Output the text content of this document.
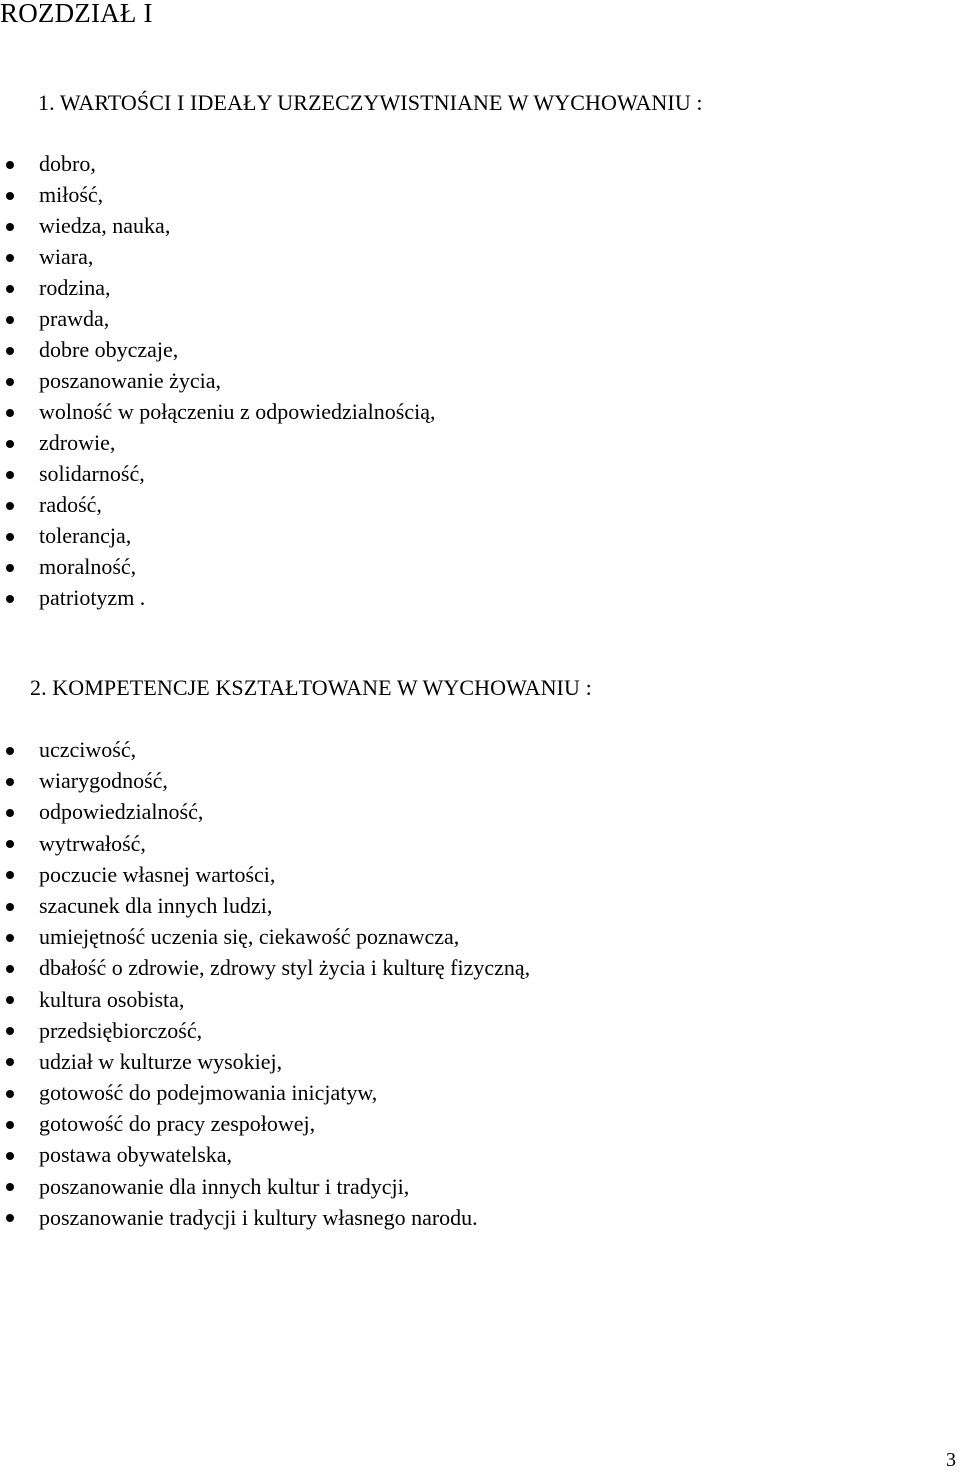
ROZDZIAŁ I
1. WARTOŚCI I IDEAŁY URZECZYWISTNIANE W WYCHOWANIU :
dobro,
miłość,
wiedza, nauka,
wiara,
rodzina,
prawda,
dobre obyczaje,
poszanowanie życia,
wolność w połączeniu z odpowiedzialnością,
zdrowie,
solidarność,
radość,
tolerancja,
moralność,
patriotyzm .
2. KOMPETENCJE KSZTAŁTOWANE W WYCHOWANIU :
uczciwość,
wiarygodność,
odpowiedzialność,
wytrwałość,
poczucie własnej wartości,
szacunek dla innych ludzi,
umiejętność uczenia się, ciekawość poznawcza,
dbałość o zdrowie, zdrowy styl życia i kulturę fizyczną,
kultura osobista,
przedsiębiorczość,
udział w kulturze wysokiej,
gotowość do podejmowania inicjatyw,
gotowość do pracy zespołowej,
postawa obywatelska,
poszanowanie dla innych kultur i tradycji,
poszanowanie tradycji i kultury własnego narodu.
3
